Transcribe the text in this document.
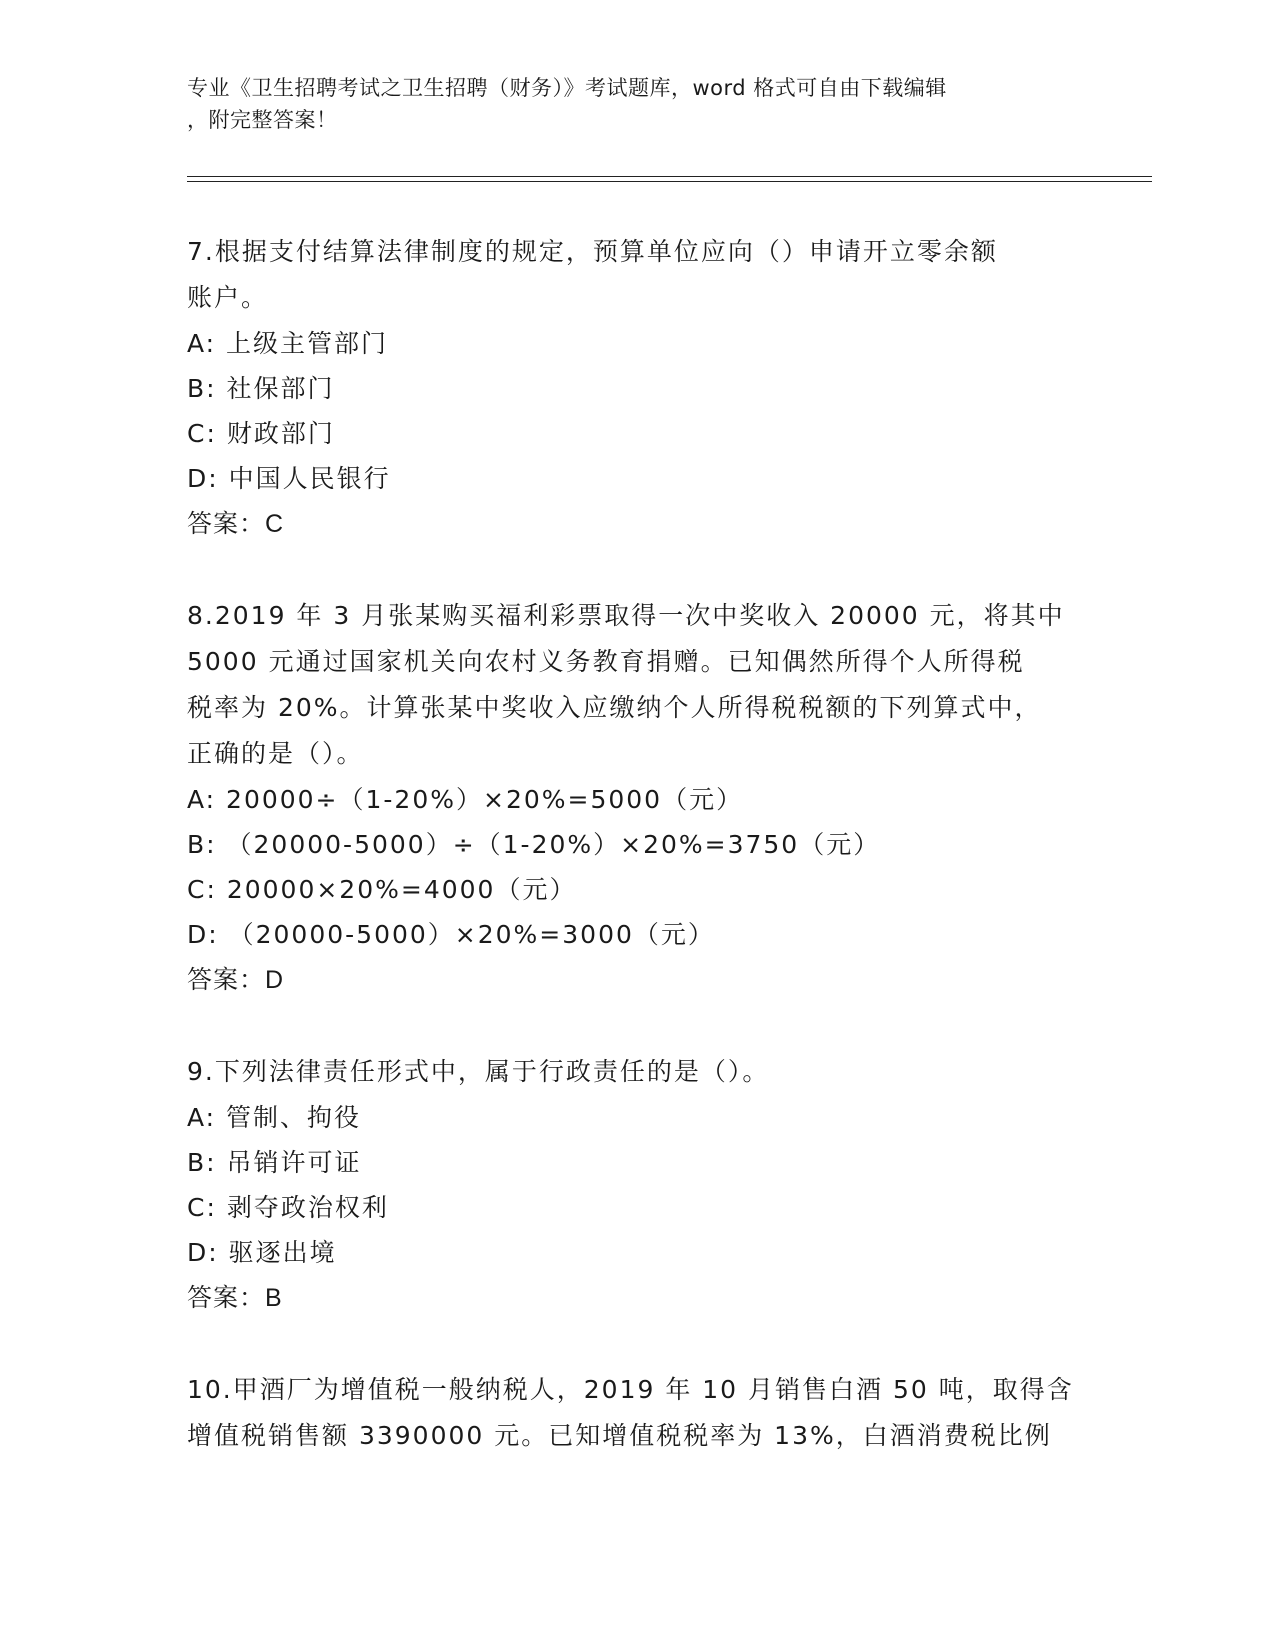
专业《卫生招聘考试之卫生招聘（财务）》考试题库，word 格式可自由下载编辑
，附完整答案！
7.根据支付结算法律制度的规定，预算单位应向（）申请开立零余额
账户。
A: 上级主管部门
B: 社保部门
C: 财政部门
D: 中国人民银行
答案：C
8.2019 年 3 月张某购买福利彩票取得一次中奖收入 20000 元，将其中
5000 元通过国家机关向农村义务教育捐赠。已知偶然所得个人所得税
税率为 20%。计算张某中奖收入应缴纳个人所得税税额的下列算式中，
正确的是（）。
A: 20000÷（1-20%）×20%=5000（元）
B: （20000-5000）÷（1-20%）×20%=3750（元）
C: 20000×20%=4000（元）
D: （20000-5000）×20%=3000（元）
答案：D
9.下列法律责任形式中，属于行政责任的是（）。
A: 管制、拘役
B: 吊销许可证
C: 剥夺政治权利
D: 驱逐出境
答案：B
10.甲酒厂为增值税一般纳税人，2019 年 10 月销售白酒 50 吨，取得含
增值税销售额 3390000 元。已知增值税税率为 13%，白酒消费税比例
